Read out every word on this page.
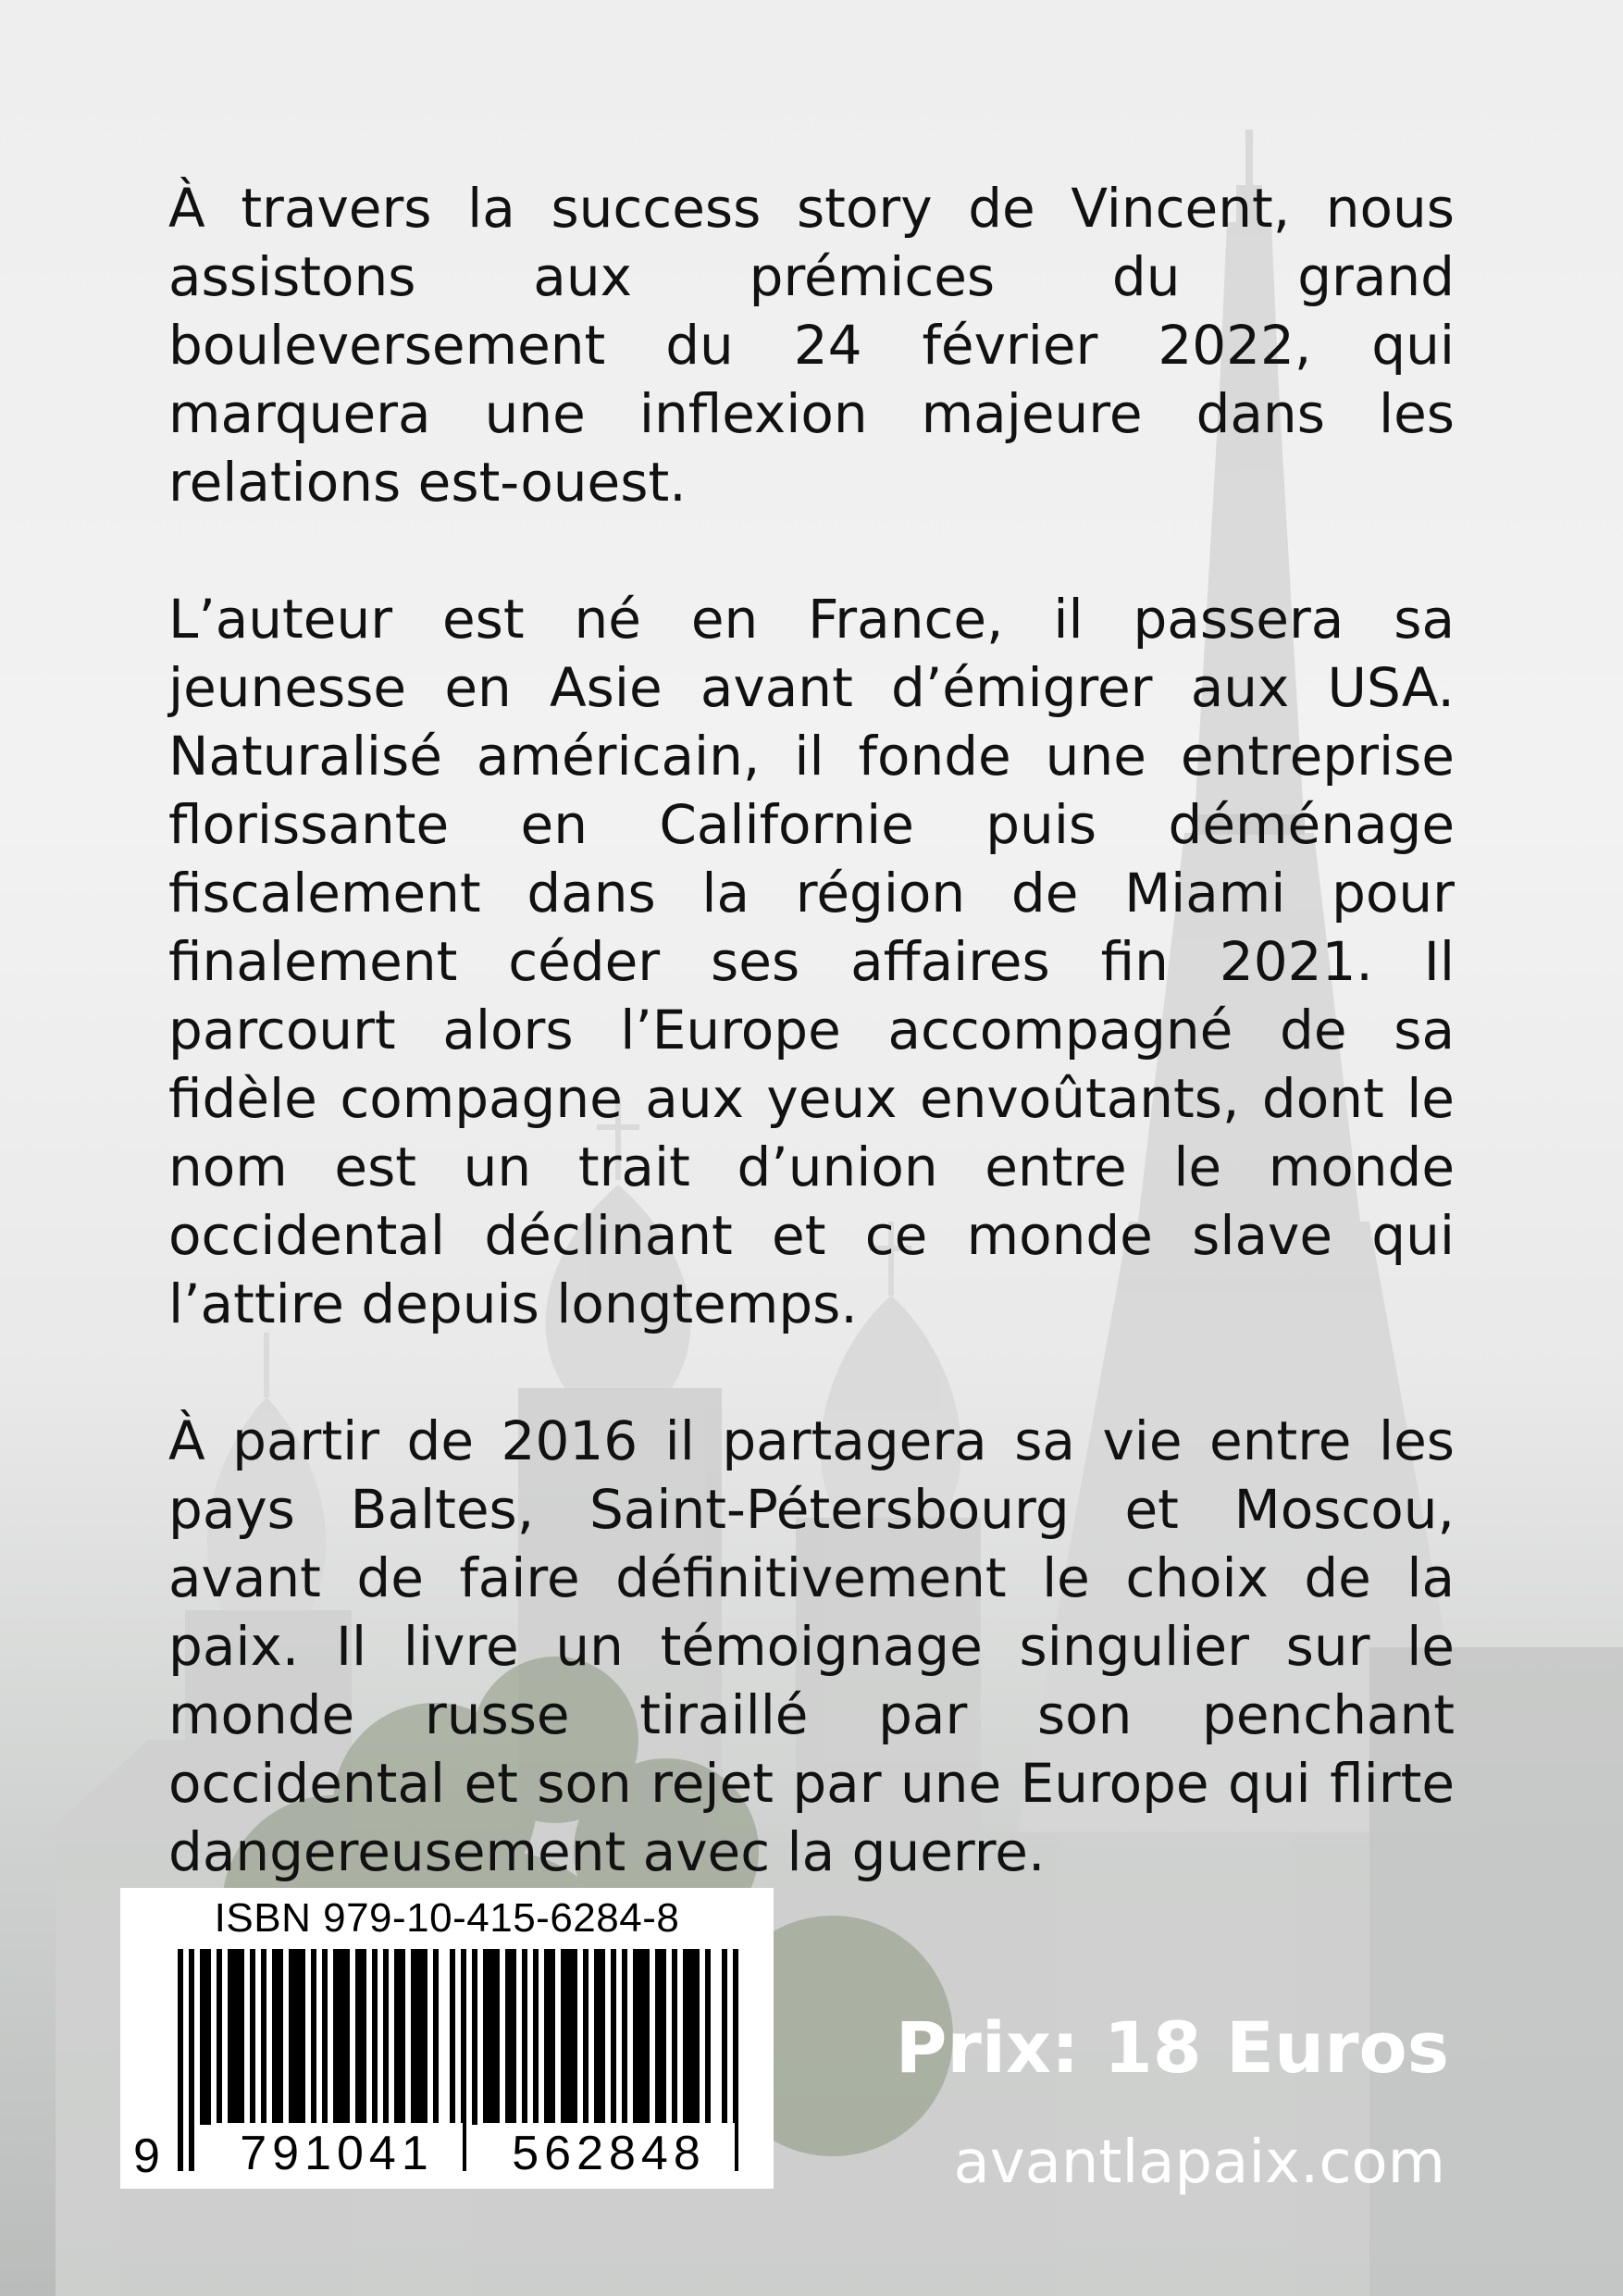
À travers la success story de Vincent, nous assistons aux prémices du grand bouleversement du 24 février 2022, qui marquera une inflexion majeure dans les relations est-ouest.

L’auteur est né en France, il passera sa jeunesse en Asie avant d’émigrer aux USA. Naturalisé américain, il fonde une entreprise florissante en Californie puis déménage fiscalement dans la région de Miami pour finalement céder ses affaires fin 2021. Il parcourt alors l’Europe accompagné de sa fidèle compagne aux yeux envoûtants, dont le nom est un trait d’union entre le monde occidental déclinant et ce monde slave qui l’attire depuis longtemps.

À partir de 2016 il partagera sa vie entre les pays Baltes, Saint-Pétersbourg et Moscou, avant de faire définitivement le choix de la paix. Il livre un témoignage singulier sur le monde russe tiraillé par son penchant occidental et son rejet par une Europe qui flirte dangereusement avec la guerre.

ISBN 979-10-415-6284-8
9	791041	562848
Prix: 18 Euros
avantlapaix.com
